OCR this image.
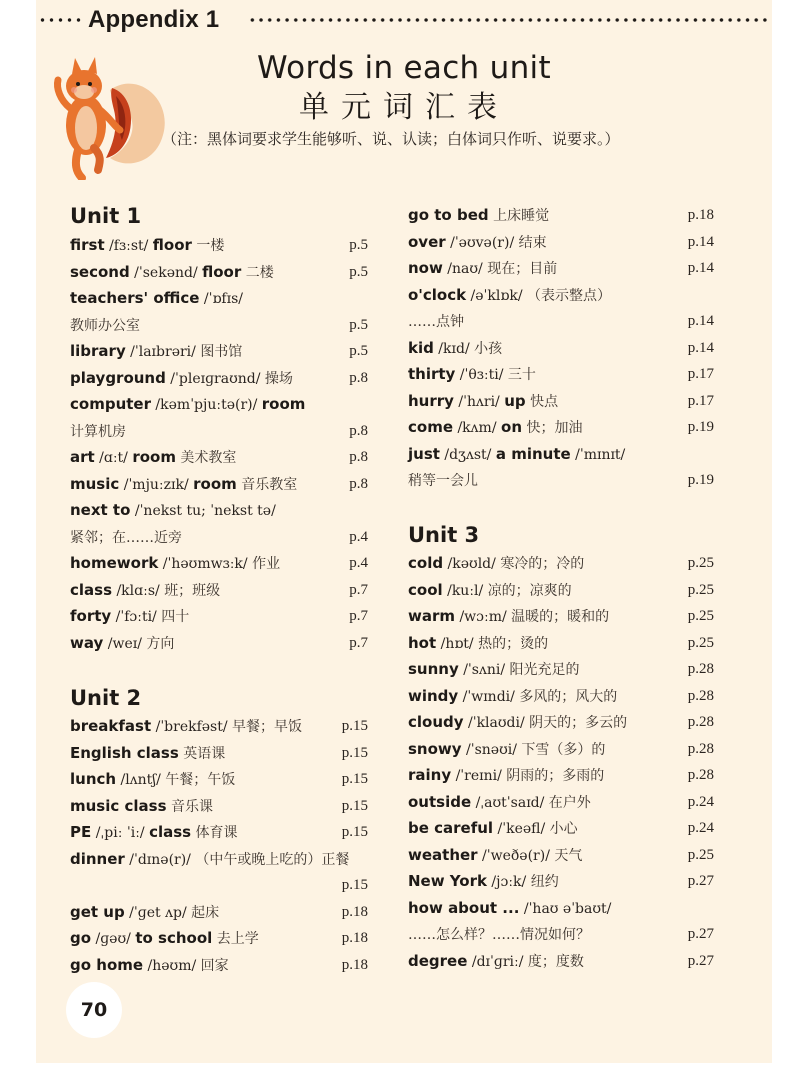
Appendix 1
Words in each unit
单元词汇表
（注：黑体词要求学生能够听、说、认读；白体词只作听、说要求。）
Unit 1
first /fɜːst/ floor 一楼	p.5
second /ˈsekənd/ floor 二楼	p.5
teachers' office /ˈɒfɪs/
教师办公室	p.5
library /ˈlaɪbrəri/ 图书馆	p.5
playground /ˈpleɪɡraʊnd/ 操场	p.8
computer /kəmˈpjuːtə(r)/ room
计算机房	p.8
art /ɑːt/ room 美术教室	p.8
music /ˈmjuːzɪk/ room 音乐教室	p.8
next to /ˈnekst tu; ˈnekst tə/
紧邻；在……近旁	p.4
homework /ˈhəʊmwɜːk/ 作业	p.4
class /klɑːs/ 班；班级	p.7
forty /ˈfɔːti/ 四十	p.7
way /weɪ/ 方向	p.7
Unit 2
breakfast /ˈbrekfəst/ 早餐；早饭	p.15
English class 英语课	p.15
lunch /lʌntʃ/ 午餐；午饭	p.15
music class 音乐课	p.15
PE /ˌpiː ˈiː/ class 体育课	p.15
dinner /ˈdɪnə(r)/ （中午或晚上吃的）正餐
p.15
get up /ˈɡet ʌp/ 起床	p.18
go /ɡəʊ/ to school 去上学	p.18
go home /həʊm/ 回家	p.18
go to bed 上床睡觉	p.18
over /ˈəʊvə(r)/ 结束	p.14
now /naʊ/ 现在；目前	p.14
o'clock /əˈklɒk/ （表示整点）
……点钟	p.14
kid /kɪd/ 小孩	p.14
thirty /ˈθɜːti/ 三十	p.17
hurry /ˈhʌri/ up 快点	p.17
come /kʌm/ on 快；加油	p.19
just /dʒʌst/ a minute /ˈmɪnɪt/
稍等一会儿	p.19
Unit 3
cold /kəʊld/ 寒冷的；冷的	p.25
cool /kuːl/ 凉的；凉爽的	p.25
warm /wɔːm/ 温暖的；暖和的	p.25
hot /hɒt/ 热的；烫的	p.25
sunny /ˈsʌni/ 阳光充足的	p.28
windy /ˈwɪndi/ 多风的；风大的	p.28
cloudy /ˈklaʊdi/ 阴天的；多云的	p.28
snowy /ˈsnəʊi/ 下雪（多）的	p.28
rainy /ˈreɪni/ 阴雨的；多雨的	p.28
outside /ˌaʊtˈsaɪd/ 在户外	p.24
be careful /ˈkeəfl/ 小心	p.24
weather /ˈweðə(r)/ 天气	p.25
New York /jɔːk/ 纽约	p.27
how about ... /ˈhaʊ əˈbaʊt/
……怎么样？……情况如何？	p.27
degree /dɪˈɡriː/ 度；度数	p.27
70
